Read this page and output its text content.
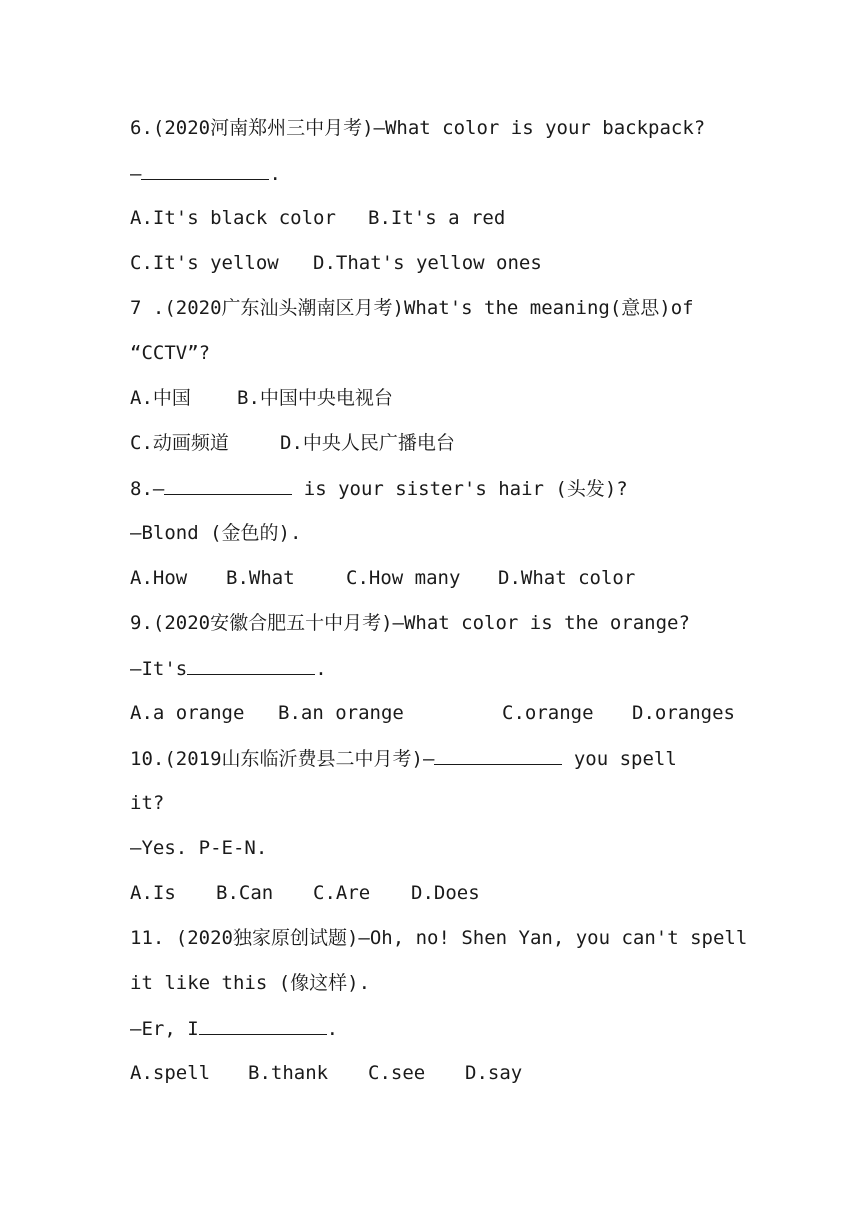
6.(2020河南郑州三中月考)—What color is your backpack?
—	.
A.It's black color B.It's a red
C.It's yellow D.That's yellow ones
7 .(2020广东汕头潮南区月考)What's the meaning(意思)of
“CCTV”?
A.中国 B.中国中央电视台
C.动画频道	D.中央人民广播电台
8.—	is your sister's hair (头发)?
—Blond (金色的).
A.How B.What	C.How many D.What color
9.(2020安徽合肥五十中月考)—What color is the orange?
—It's	.
A.a orange B.an orange	C.orange D.oranges
10.(2019山东临沂费县二中月考)—	you spell
it?
—Yes. P-E-N.
A.Is B.Can C.Are D.Does
11. (2020独家原创试题)—Oh, no! Shen Yan, you can't spell
it like this (像这样).
—Er, I	.
A.spell B.thank C.see D.say
